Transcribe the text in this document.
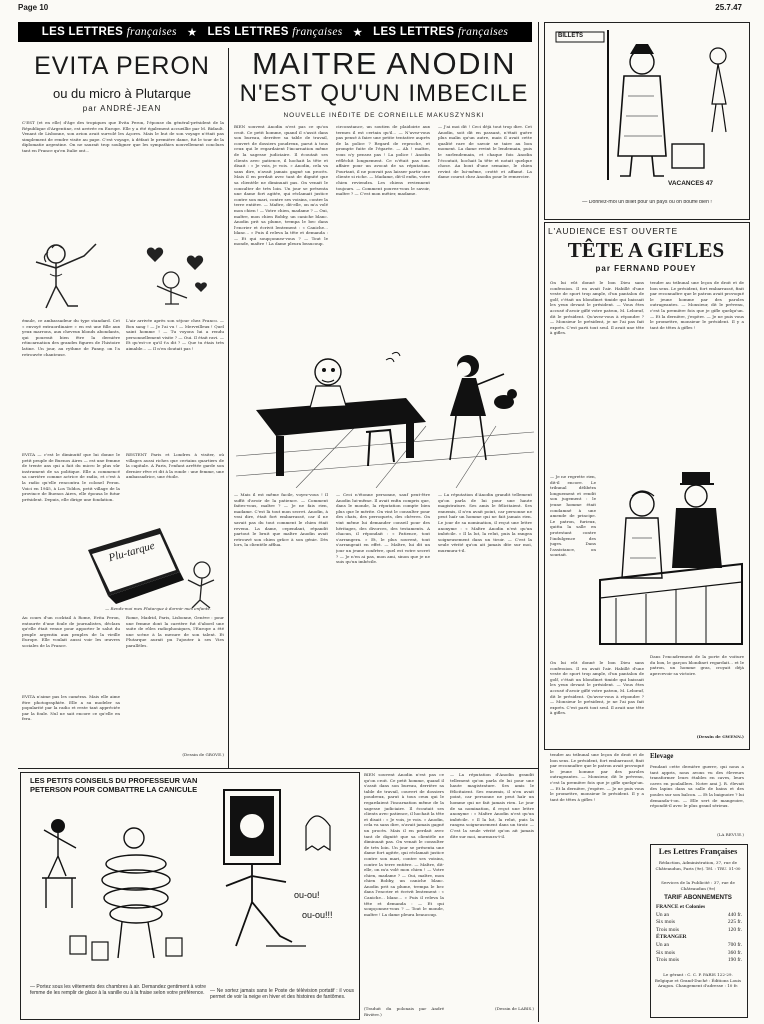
Page 10	25.7.47
LES LETTRES françaises ★ LES LETTRES françaises ★ LES LETTRES françaises
EVITA PERON
ou du micro à Plutarque
par ANDRÉ-JEAN
C'EST (et en elle) d'âge des tropiques que Evita Peron, l'épouse du général-président de la République d'Argentine, est arrivée en Europe. Elle y a été également accueillie par M. Bidault. Venant de Lisbonne, son avion avait survolé les Açores. Mais le but de son voyage n'était pas simplement de rendre visite au pape. C'est voyage, à défaut le première dame, fut le tour de la diplomatie argentine. On ne saurait trop souligner que les sympathies nouvellement conclues tant en France qu'en Italie ont...
émule, ce ambassadeur du type standard. Cet « envoyé extraordinaire » en est une fille aux yeux marrons, aux cheveux blonds abondants, qui pourrait bien être la dernière réincarnation des grandes figures de l'histoire latine. Un jour, au rythme de Fanny, on l'a retrouvée chanteuse.
L'air arrivée après son séjour chez Franco. — Bon sang ! — Je l'ai vu ! — Merveilleux ! Quel saint homme ! — Tu voyons lui a rendu personnellement visite ? — Oui. Il était ravi. — Et qu'est-ce qu'il t'a dit ? — Que tu étais très aimable... — Il n'en doutait pas !
EVITA — c'est le diminutif que lui donne le petit peuple de Buenos Aires — est une femme de trente ans qui a fait du micro le plus sûr instrument de sa politique. Elle a commencé sa carrière comme actrice de radio, et c'est à la radio qu'elle rencontra le colonel Peron. Voici en 1945, à Los Toldos, petit village de la province de Buenos Aires, elle épousa le futur président. Depuis, elle dirige une fondation.
RESTENT Paris et Londres à visiter, où villages aussi riches que certains quartiers de la capitale. A Paris, l'enfant arrêtée garde son dernier rêve et dit à la ronde : une femme, une ambassadrice, une étoile.
Plu-tarque
Au cours d'un cocktail à Rome, Evita Peron, entourée d'une foule de journalistes, déclara qu'elle était venue pour apporter le salut du peuple argentin aux peuples de la vieille Europe. Elle voulait aussi voir les œuvres sociales de la France.
Rome, Madrid, Paris, Lisbonne, Genève : pour une femme dont la carrière fut d'abord une suite de rôles radiophoniques, l'Europe a été une scène à la mesure de son talent. Et Plutarque aurait pu l'ajouter à ses Vies parallèles.
— Rends-moi mes Plutarque à dormir mes enfants.
EVITA n'aime pas les caméras. Mais elle aime être photographiée. Elle a su modeler sa popularité par la radio et reste tant appréciée par la foule. Nul ne sait encore ce qu'elle en fera.
(Dessin de GROVE.)
MAITRE ANODIN
N'EST QU'UN IMBECILE
NOUVELLE INÉDITE DE CORNEILLE MAKUSZYNSKI
BIEN souvent Anodin n'est pas ce qu'on croit. Ce petit homme, quand il s'assit dans son bureau, derrière sa table de travail, couvert de dossiers poudreux, parut à tous ceux qui le regardaient l'incarnation même de la sagesse judiciaire. Il écoutait ses clients avec patience, il hochait la tête et disait : « Je vois, je vois. » Anodin, cela va sans dire, n'avait jamais gagné un procès. Mais il en perdait avec tant de dignité que sa clientèle ne diminuait pas. On venait le consulter de très loin. Un jour se présenta une dame fort agitée, qui réclamait justice contre son mari, contre ses voisins, contre la terre entière. — Maître, dit-elle, on m'a volé mon chien ! — Votre chien, madame ? — Oui, maître, mon chien Bobby, un caniche blanc. Anodin prit sa plume, trempa le bec dans l'encrier et écrivit lentement : « Caniche... blanc... » Puis il releva la tête et demanda : — Et qui soupçonnez-vous ? — Tout le monde, maître ! La dame pleura beaucoup.
circonstance, un soutien de plaidoirie aux termes il est certain qu'il... — N'avez-vous pas pensé à faire une petite tentative auprès de la police ? Regard de reproche, et prompte fuite de l'égarée. — Ah ! maître, vous n'y pensez pas ! La police ! Anodin réfléchit longuement. Ce n'était pas une affaire pour un avocat de sa réputation. Pourtant, il ne pouvait pas laisser partir une cliente si riche. — Madame, dit-il enfin, votre chien reviendra. Les chiens reviennent toujours. — Comment pouvez-vous le savoir, maître ? — C'est mon métier, madame.
— J'ai moi dit ! Ceci déjà tout trop dire. Cet Anodin, soit dit en passant, n'était guère plus malin qu'un autre, mais il avait cette qualité rare de savoir se taire au bon moment. La dame revint le lendemain, puis le surlendemain, et chaque fois Anodin l'écoutait, hochait la tête et notait quelque chose. Au bout d'une semaine, le chien revint de lui-même, crotté et affamé. La dame courut chez Anodin pour le remercier.
— Mais il est même facile, voyez-vous ! Il suffit d'avoir de la patience. — Comment faites-vous, maître ? — Je ne fais rien, madame. C'est là tout mon secret. Anodin, à vrai dire, était fort embarrassé, car il ne savait pas du tout comment le chien était revenu. La dame, cependant, répandit partout le bruit que maître Anodin avait retrouvé son chien grâce à son génie. Dès lors, la clientèle afflua.
— Ceci n'étonne personne, sauf peut-être Anodin lui-même. Il avait enfin compris que, dans le monde, la réputation compte bien plus que le mérite. On vint le consulter pour des chats, des perroquets, des chèvres. On vint même lui demander conseil pour des héritages, des divorces, des testaments. A chacun, il répondait : « Patience, tout s'arrangera. » Et, le plus souvent, tout s'arrangeait en effet. — Maître, lui dit un jour un jeune confrère, quel est votre secret ? — Je n'en ai pas, mon ami, sinon que je ne suis qu'un imbécile.
— La réputation d'Anodin grandit tellement qu'on parla de lui pour une haute magistrature. Ses amis le félicitaient. Ses ennemis, il n'en avait point, car personne ne peut haïr un homme qui ne fait jamais rien. Le jour de sa nomination, il reçut une lettre anonyme : « Maître Anodin n'est qu'un imbécile. » Il la lut, la relut, puis la rangea soigneusement dans un tiroir. — C'est la seule vérité qu'on ait jamais dite sur moi, murmura-t-il.
BIEN souvent Anodin n'est pas ce qu'on croit. Ce petit homme, quand il s'assit dans son bureau, derrière sa table de travail, couvert de dossiers poudreux, parut à tous ceux qui le regardaient l'incarnation même de la sagesse judiciaire. Il écoutait ses clients avec patience, il hochait la tête et disait : « Je vois, je vois. » Anodin, cela va sans dire, n'avait jamais gagné un procès. Mais il en perdait avec tant de dignité que sa clientèle ne diminuait pas. On venait le consulter de très loin. Un jour se présenta une dame fort agitée, qui réclamait justice contre son mari, contre ses voisins, contre la terre entière. — Maître, dit-elle, on m'a volé mon chien ! — Votre chien, madame ? — Oui, maître, mon chien Bobby, un caniche blanc. Anodin prit sa plume, trempa le bec dans l'encrier et écrivit lentement : « Caniche... blanc... » Puis il releva la tête et demanda : — Et qui soupçonnez-vous ? — Tout le monde, maître ! La dame pleura beaucoup.
— La réputation d'Anodin grandit tellement qu'on parla de lui pour une haute magistrature. Ses amis le félicitaient. Ses ennemis, il n'en avait point, car personne ne peut haïr un homme qui ne fait jamais rien. Le jour de sa nomination, il reçut une lettre anonyme : « Maître Anodin n'est qu'un imbécile. » Il la lut, la relut, puis la rangea soigneusement dans un tiroir. — C'est la seule vérité qu'on ait jamais dite sur moi, murmura-t-il.
(Traduit du polonais par André Rivière.)
(Dessin de LABIS.)
LES PETITS CONSEILS DU PROFESSEUR VAN PETERSON POUR COMBATTRE LA CANICULE
ou-ou!
ou-ou!!!
— Portez sous les vêtements des chambres à air. Demandez gentiment à votre femme de les remplir de glace à la vanille ou à la fraise selon votre préférence. — Ne sortez jamais sans le Poste de télévision portatif : il vous permet de voir la neige en hiver et des histoires de fantômes.
BILLETS
VACANCES 47
— Donnez-moi un billet pour un pays où on bouffe bien !
L'AUDIENCE EST OUVERTE
TÊTE A GIFLES
par FERNAND POUEY
On lui eût donné le bon Dieu sans confession. Il en avait l'air. Habillé d'une veste de sport trop ample, d'un pantalon de golf, c'était un blondinet timide qui baissait les yeux devant le président. — Vous êtes accusé d'avoir giflé votre patron, M. Lebœuf, dit le président. Qu'avez-vous à répondre ? — Monsieur le président, je ne l'ai pas fait exprès. C'est parti tout seul. Il avait une tête à gifles.
tendre au tribunal une leçon de droit et de bon sens. Le président, fort embarrassé, finit par reconnaître que le patron avait provoqué le jeune homme par des paroles outrageantes. — Monsieur, dit le prévenu, c'est la première fois que je gifle quelqu'un. — Et la dernière, j'espère. — Je ne puis vous le promettre, monsieur le président. Il y a tant de têtes à gifles !
— Je ne regrette rien, dit-il encore. Le tribunal délibéra longuement et rendit son jugement : le jeune homme était condamné à une amende de principe. Le patron, furieux, quitta la salle en protestant contre l'indulgence des juges. Dans l'assistance, on souriait.
Dans l'encadrement de la porte de voiture du box, le garçon blondinet regardait... et le patron, un homme gras, croyait déjà apercevoir sa victoire.
(Dessin de GWENN.)
On lui eût donné le bon Dieu sans confession. Il en avait l'air. Habillé d'une veste de sport trop ample, d'un pantalon de golf, c'était un blondinet timide qui baissait les yeux devant le président. — Vous êtes accusé d'avoir giflé votre patron, M. Lebœuf, dit le président. Qu'avez-vous à répondre ? — Monsieur le président, je ne l'ai pas fait exprès. C'est parti tout seul. Il avait une tête à gifles.
tendre au tribunal une leçon de droit et de bon sens. Le président, fort embarrassé, finit par reconnaître que le patron avait provoqué le jeune homme par des paroles outrageantes. — Monsieur, dit le prévenu, c'est la première fois que je gifle quelqu'un. — Et la dernière, j'espère. — Je ne puis vous le promettre, monsieur le président. Il y a tant de têtes à gifles !
Elevage
Pendant cette dernière guerre, qui nous a tant appris, nous avons vu des éleveurs transformer leurs étables en caves, leurs caves en poulaillers. Notre ami J. R. élevait des lapins dans sa salle de bains et des poules sur son balcon. — Et la baignoire ? lui demanda-t-on. — Elle sert de mangeoire, répondit-il avec le plus grand sérieux.
(LA REVUE.)
Les Lettres Françaises
Rédaction, Administration, 37, rue de Châteaudun, Paris (9e). Tél. : TRU. 51-00
Services de la Publicité : 37, rue de Châteaudun (9e)
TARIF ABONNEMENTS
FRANCE et Colonies
Un an	440 fr.
Six mois	225 fr.
Trois mois	120 fr.
ÉTRANGER
Un an	700 fr.
Six mois	360 fr.
Trois mois	190 fr.
Le gérant : C. C. P. PARIS 122-29. Belgique et Grand-Duché : Éditions Louis Aragon. Changement d'adresse : 10 fr.
